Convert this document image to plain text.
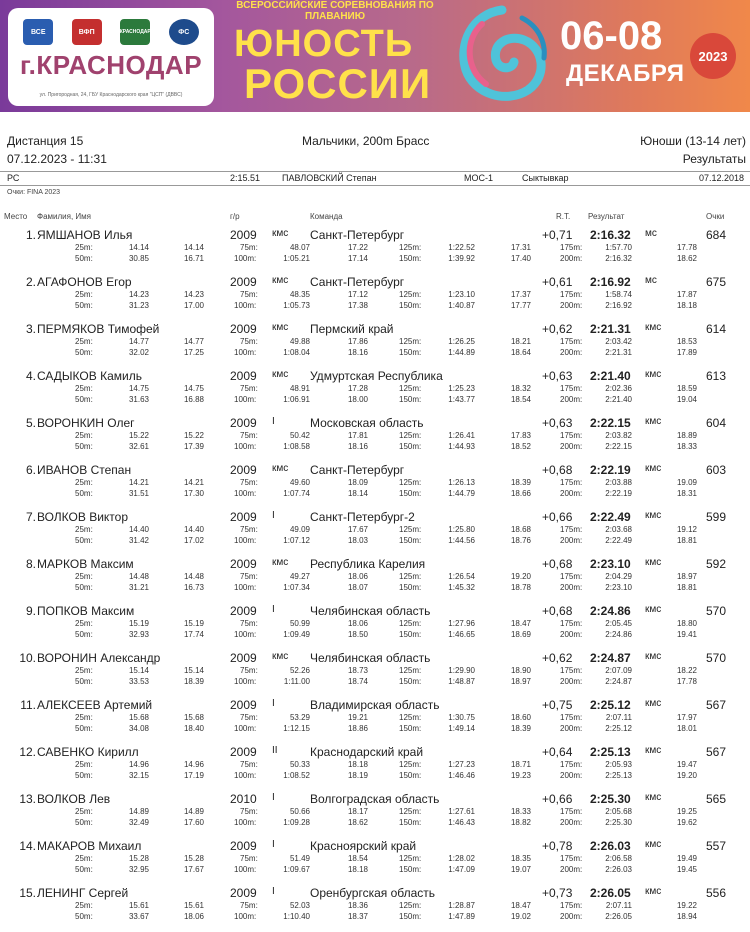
ВСЕ	ВФП	КРАСНОДАР	ФС
г.КРАСНОДАР
ул. Пригородная, 24, ГБУ Краснодарского края "ЦСП" (ДВВС)
ВСЕРОССИЙСКИЕ СОРЕВНОВАНИЯ ПО ПЛАВАНИЮ
ЮНОСТЬ
РОССИИ
06-08
ДЕКАБРЯ
2023
Дистанция 15
07.12.2023 - 11:31
Мальчики, 200m Брасс	Юноши (13-14 лет)
Результаты
РС	2:15.51 ПАВЛОВСКИЙ Степан	МОС-1	Сыктывкар	07.12.2018
Очки: FINA 2023
Место Фамилия, Имя	г/р	Команда	R.T. Результат	Очки
1. ЯМШАНОВ Илья	2009 кмс Санкт-Петербург	+0,71 2:16.32 мс	684
25m:	14.14	14.14
50m:	30.85	16.71
75m:	48.07	17.22
100m:	1:05.21	17.14
125m:	1:22.52	17.31
150m:	1:39.92	17.40
175m:	1:57.70	17.78
200m:	2:16.32	18.62
2. АГАФОНОВ Егор	2009 кмс Санкт-Петербург	+0,61 2:16.92 мс	675
25m:	14.23	14.23
50m:	31.23	17.00
75m:	48.35	17.12
100m:	1:05.73	17.38
125m:	1:23.10	17.37
150m:	1:40.87	17.77
175m:	1:58.74	17.87
200m:	2:16.92	18.18
3. ПЕРМЯКОВ Тимофей	2009 кмс Пермский край	+0,62 2:21.31 кмс	614
25m:	14.77	14.77
50m:	32.02	17.25
75m:	49.88	17.86
100m:	1:08.04	18.16
125m:	1:26.25	18.21
150m:	1:44.89	18.64
175m:	2:03.42	18.53
200m:	2:21.31	17.89
4. САДЫКОВ Камиль	2009 кмс Удмуртская Республика	+0,63 2:21.40 кмс	613
25m:	14.75	14.75
50m:	31.63	16.88
75m:	48.91	17.28
100m:	1:06.91	18.00
125m:	1:25.23	18.32
150m:	1:43.77	18.54
175m:	2:02.36	18.59
200m:	2:21.40	19.04
5. ВОРОНКИН Олег	2009 I	Московская область	+0,63 2:22.15 кмс	604
25m:	15.22	15.22
50m:	32.61	17.39
75m:	50.42	17.81
100m:	1:08.58	18.16
125m:	1:26.41	17.83
150m:	1:44.93	18.52
175m:	2:03.82	18.89
200m:	2:22.15	18.33
6. ИВАНОВ Степан	2009 кмс Санкт-Петербург	+0,68 2:22.19 кмс	603
25m:	14.21	14.21
50m:	31.51	17.30
75m:	49.60	18.09
100m:	1:07.74	18.14
125m:	1:26.13	18.39
150m:	1:44.79	18.66
175m:	2:03.88	19.09
200m:	2:22.19	18.31
7. ВОЛКОВ Виктор	2009 I	Санкт-Петербург-2	+0,66 2:22.49 кмс	599
25m:	14.40	14.40
50m:	31.42	17.02
75m:	49.09	17.67
100m:	1:07.12	18.03
125m:	1:25.80	18.68
150m:	1:44.56	18.76
175m:	2:03.68	19.12
200m:	2:22.49	18.81
8. МАРКОВ Максим	2009 кмс Республика Карелия	+0,68 2:23.10 кмс	592
25m:	14.48	14.48
50m:	31.21	16.73
75m:	49.27	18.06
100m:	1:07.34	18.07
125m:	1:26.54	19.20
150m:	1:45.32	18.78
175m:	2:04.29	18.97
200m:	2:23.10	18.81
9. ПОПКОВ Максим	2009 I	Челябинская область	+0,68 2:24.86 кмс	570
25m:	15.19	15.19
50m:	32.93	17.74
75m:	50.99	18.06
100m:	1:09.49	18.50
125m:	1:27.96	18.47
150m:	1:46.65	18.69
175m:	2:05.45	18.80
200m:	2:24.86	19.41
10. ВОРОНИН Александр	2009 кмс Челябинская область	+0,62 2:24.87 кмс	570
25m:	15.14	15.14
50m:	33.53	18.39
75m:	52.26	18.73
100m:	1:11.00	18.74
125m:	1:29.90	18.90
150m:	1:48.87	18.97
175m:	2:07.09	18.22
200m:	2:24.87	17.78
11. АЛЕКСЕЕВ Артемий	2009 I	Владимирская область	+0,75 2:25.12 кмс	567
25m:	15.68	15.68
50m:	34.08	18.40
75m:	53.29	19.21
100m:	1:12.15	18.86
125m:	1:30.75	18.60
150m:	1:49.14	18.39
175m:	2:07.11	17.97
200m:	2:25.12	18.01
12. САВЕНКО Кирилл	2009 II	Краснодарский край	+0,64 2:25.13 кмс	567
25m:	14.96	14.96
50m:	32.15	17.19
75m:	50.33	18.18
100m:	1:08.52	18.19
125m:	1:27.23	18.71
150m:	1:46.46	19.23
175m:	2:05.93	19.47
200m:	2:25.13	19.20
13. ВОЛКОВ Лев	2010 I	Волгоградская область	+0,66 2:25.30 кмс	565
25m:	14.89	14.89
50m:	32.49	17.60
75m:	50.66	18.17
100m:	1:09.28	18.62
125m:	1:27.61	18.33
150m:	1:46.43	18.82
175m:	2:05.68	19.25
200m:	2:25.30	19.62
14. МАКАРОВ Михаил	2009 I	Красноярский край	+0,78 2:26.03 кмс	557
25m:	15.28	15.28
50m:	32.95	17.67
75m:	51.49	18.54
100m:	1:09.67	18.18
125m:	1:28.02	18.35
150m:	1:47.09	19.07
175m:	2:06.58	19.49
200m:	2:26.03	19.45
15. ЛЕНИНГ Сергей	2009 I	Оренбургская область	+0,73 2:26.05 кмс	556
25m:	15.61	15.61
50m:	33.67	18.06
75m:	52.03	18.36
100m:	1:10.40	18.37
125m:	1:28.87	18.47
150m:	1:47.89	19.02
175m:	2:07.11	19.22
200m:	2:26.05	18.94
